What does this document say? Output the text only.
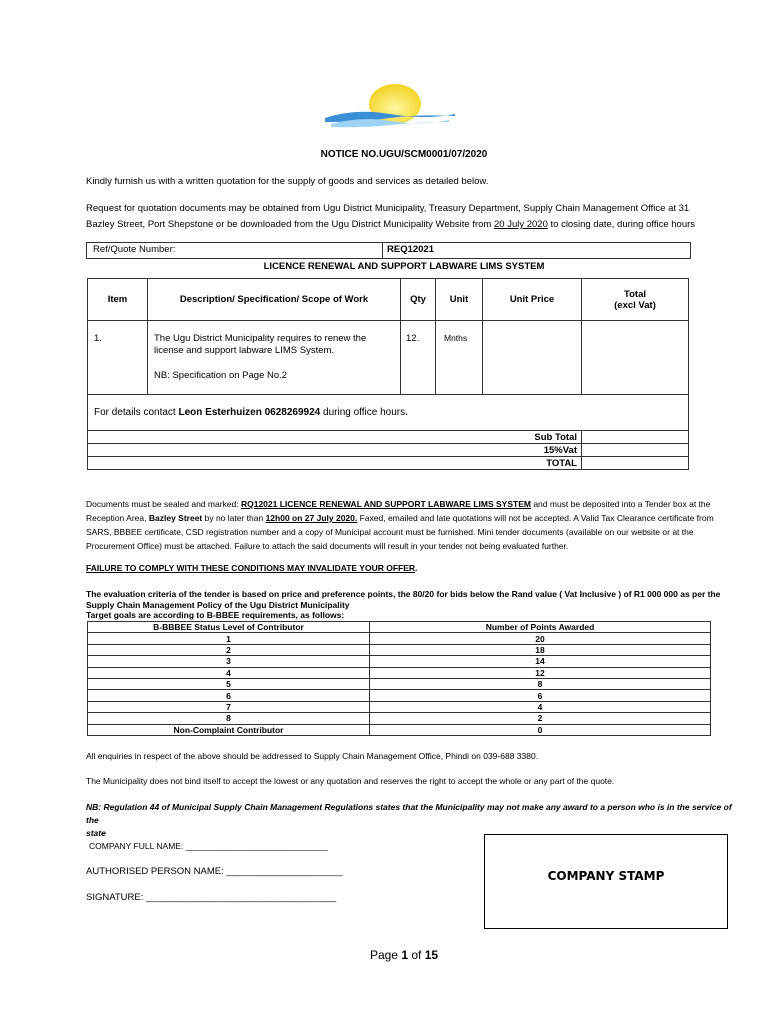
NOTICE NO.UGU/SCM0001/07/2020
Kindly furnish us with a written quotation for the supply of goods and services as detailed below.
Request for quotation documents may be obtained from Ugu District Municipality, Treasury Department, Supply Chain Management Office at 31
Bazley Street, Port Shepstone or be downloaded from the Ugu District Municipality Website from 20 July 2020 to closing date, during office hours
Ref/Quote Number:	REQ12021
LICENCE RENEWAL AND SUPPORT LABWARE LIMS SYSTEM
Item	Description/ Specification/ Scope of Work	Qty	Unit	Unit Price	Total
(excl Vat)
1.	The Ugu District Municipality requires to renew the license and support labware LIMS System.
NB: Specification on Page No.2	12.	Mnths		
For details contact Leon Esterhuizen 0628269924 during office hours.					
Sub Total					
15%Vat					
TOTAL					
Documents must be sealed and marked: RQ12021 LICENCE RENEWAL AND SUPPORT LABWARE LIMS SYSTEM and must be deposited into a Tender box at the
Reception Area, Bazley Street by no later than 12h00 on 27 July 2020. Faxed, emailed and late quotations will not be accepted. A Valid Tax Clearance certificate from
SARS, BBBEE certificate, CSD registration number and a copy of Municipal account must be furnished. Mini tender documents (available on our website or at the
Procurement Office) must be attached. Failure to attach the said documents will result in your tender not being evaluated further.
FAILURE TO COMPLY WITH THESE CONDITIONS MAY INVALIDATE YOUR OFFER.
The evaluation criteria of the tender is based on price and preference points, the 80/20 for bids below the Rand value ( Vat Inclusive ) of R1 000 000 as per the
Supply Chain Management Policy of the Ugu District Municipality
Target goals are according to B-BBEE requirements, as follows:
B-BBBEE Status Level of Contributor	Number of Points Awarded
1	20
2	18
3	14
4	12
5	8
6	6
7	4
8	2
Non-Complaint Contributor	0
All enquiries in respect of the above should be addressed to Supply Chain Management Office, Phindi on 039-688 3380.
The Municipality does not bind itself to accept the lowest or any quotation and reserves the right to accept the whole or any part of the quote.
NB: Regulation 44 of Municipal Supply Chain Management Regulations states that the Municipality may not make any award to a person who is in the service of the
state
COMPANY FULL NAME: ______________________________
AUTHORISED PERSON NAME: ______________________
SIGNATURE: ____________________________________
COMPANY STAMP
Page 1 of 15
